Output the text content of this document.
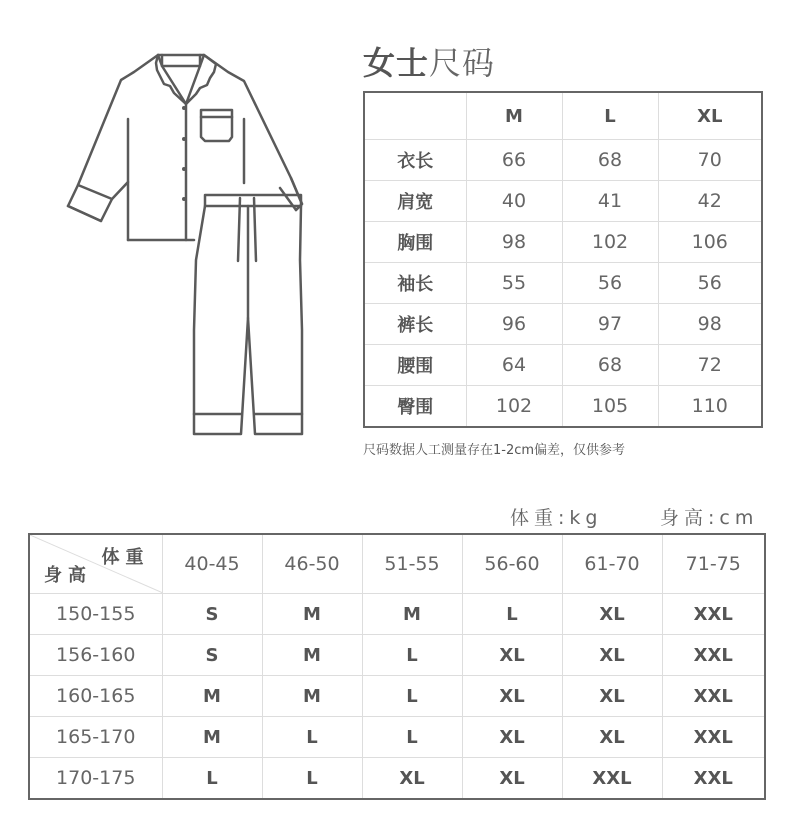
女士尺码
	M	L	XL
衣长	66	68	70
肩宽	40	41	42
胸围	98	102	106
袖长	55	56	56
裤长	96	97	98
腰围	64	68	72
臀围	102	105	110
尺码数据人工测量存在1-2cm偏差，仅供参考
体重:kg	身高:cm
体重
身高	40-45	46-50	51-55	56-60	61-70	71-75
150-155	S	M	M	L	XL	XXL
156-160	S	M	L	XL	XL	XXL
160-165	M	M	L	XL	XL	XXL
165-170	M	L	L	XL	XL	XXL
170-175	L	L	XL	XL	XXL	XXL
